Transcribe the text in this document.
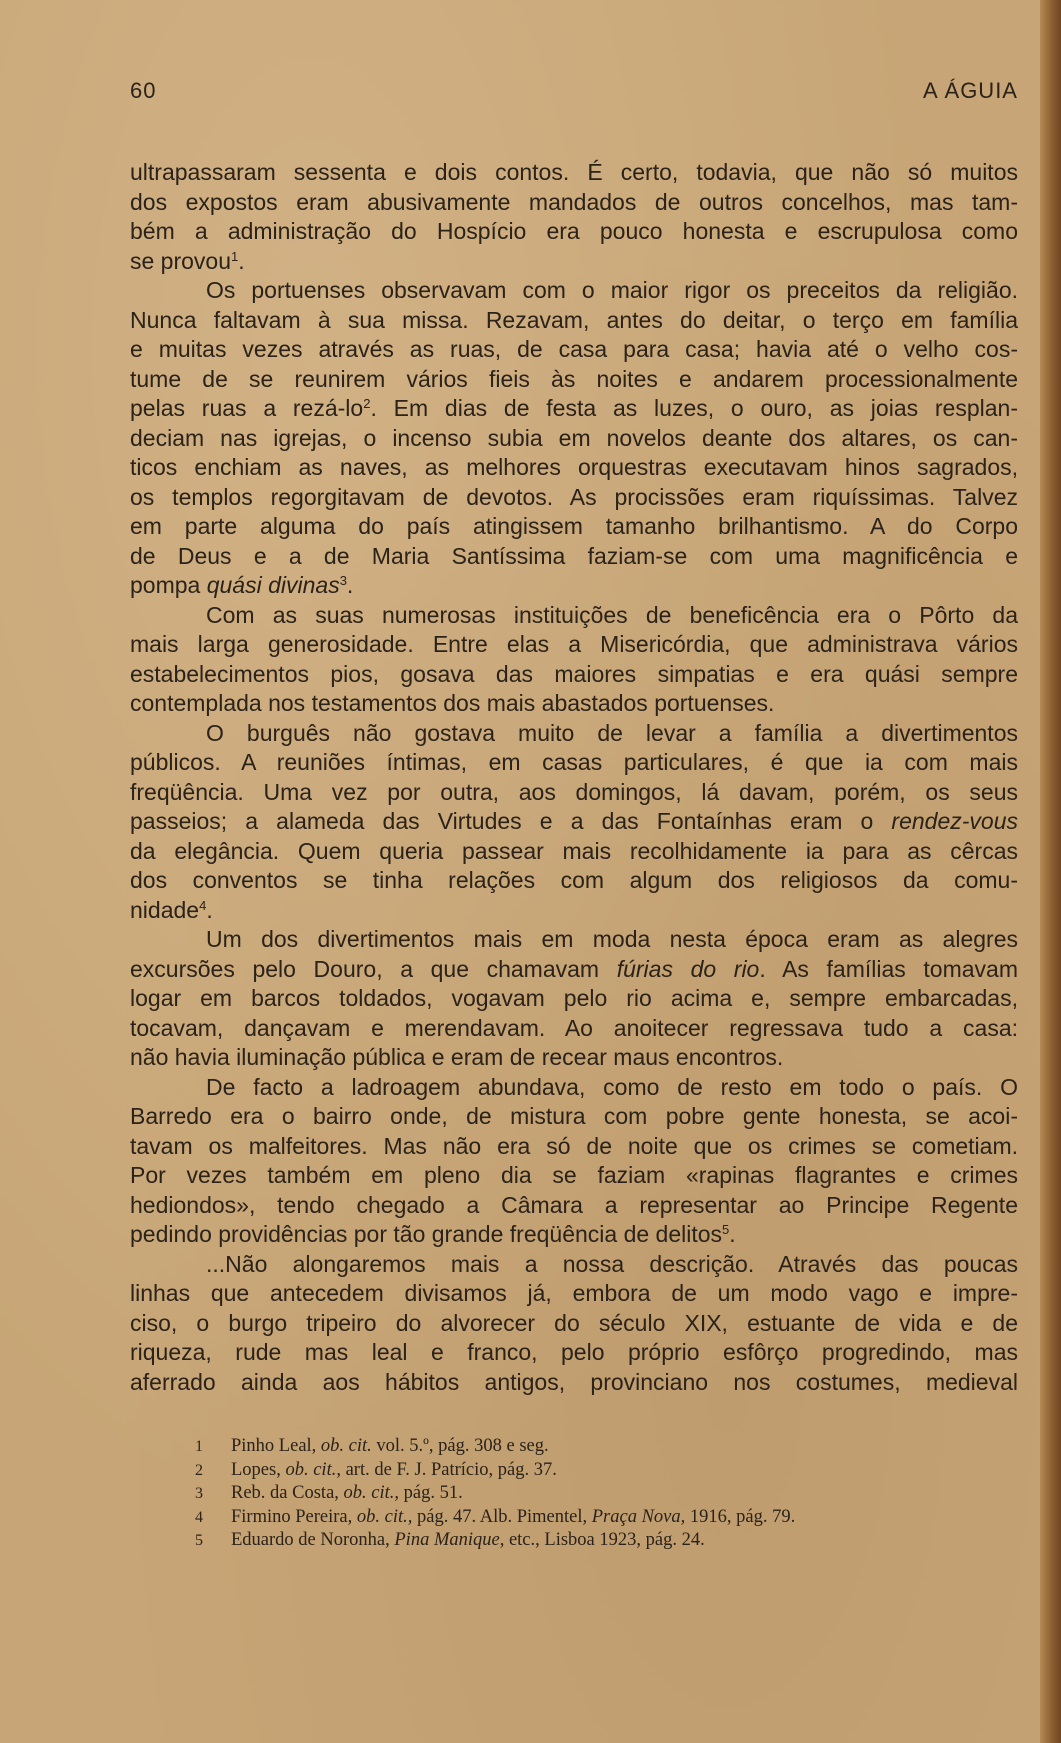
60	A ÁGUIA
ultrapassaram sessenta e dois contos. É certo, todavia, que não só muitos
dos expostos eram abusivamente mandados de outros concelhos, mas tam-
bém a administração do Hospício era pouco honesta e escrupulosa como
se provou$^1$.
Os portuenses observavam com o maior rigor os preceitos da religião.
Nunca faltavam à sua missa. Rezavam, antes do deitar, o terço em família
e muitas vezes através as ruas, de casa para casa; havia até o velho cos-
tume de se reunirem vários fieis às noites e andarem processionalmente
pelas ruas a rezá-$lo^2$. Em dias de festa as luzes, o ouro, as joias resplan-
deciam nas igrejas, o incenso subia em novelos deante dos altares, os can-
ticos enchiam as naves, as melhores orquestras executavam hinos sagrados,
os templos regorgitavam de devotos. As procissões eram riquíssimas. Talvez
em parte alguma do país atingissem tamanho brilhantismo. A do Corpo
de Deus e a de Maria Santíssima faziam-se com uma magnificência e
pompa quási divinas$^3$.
Com as suas numerosas instituições de beneficência era o Pôrto da
mais larga generosidade. Entre elas a Misericórdia, que administrava vários
estabelecimentos pios, gosava das maiores simpatias e era quási sempre
contemplada nos testamentos dos mais abastados portuenses.
O burguês não gostava muito de levar a família a divertimentos
públicos. A reuniões íntimas, em casas particulares, é que ia com mais
freqüência. Uma vez por outra, aos domingos, lá davam, porém, os seus
passeios; a alameda das Virtudes e a das Fontaínhas eram o rendez-vous
da elegância. Quem queria passear mais recolhidamente ia para as cêrcas
dos conventos se tinha relações com algum dos religiosos da comu-
nidade$^4$.
Um dos divertimentos mais em moda nesta época eram as alegres
excursões pelo Douro, a que chamavam fúrias do rio. As famílias tomavam
logar em barcos toldados, vogavam pelo rio acima e, sempre embarcadas,
tocavam, dançavam e merendavam. Ao anoitecer regressava tudo a casa:
não havia iluminação pública e eram de recear maus encontros.
De facto a ladroagem abundava, como de resto em todo o país. O
Barredo era o bairro onde, de mistura com pobre gente honesta, se acoi-
tavam os malfeitores. Mas não era só de noite que os crimes se cometiam.
Por vezes também em pleno dia se faziam «rapinas flagrantes e crimes
hediondos», tendo chegado a Câmara a representar ao Principe Regente
pedindo providências por tão grande freqüência de delitos$^5$.
...Não alongaremos mais a nossa descrição. Através das poucas
linhas que antecedem divisamos já, embora de um modo vago e impre-
ciso, o burgo tripeiro do alvorecer do século XIX, estuante de vida e de
riqueza, rude mas leal e franco, pelo próprio esfôrço progredindo, mas
aferrado ainda aos hábitos antigos, provinciano nos costumes, medieval
1	Pinho Leal, ob. cit. vol. 5.º, pág. 308 e seg.
2	Lopes, ob. cit., art. de F. J. Patrício, pág. 37.
3	Reb. da Costa, ob. cit., pág. 51.
4	Firmino Pereira, ob. cit., pág. 47. Alb. Pimentel, Praça Nova, 1916, pág. 79.
5	Eduardo de Noronha, Pina Manique, etc., Lisboa 1923, pág. 24.
